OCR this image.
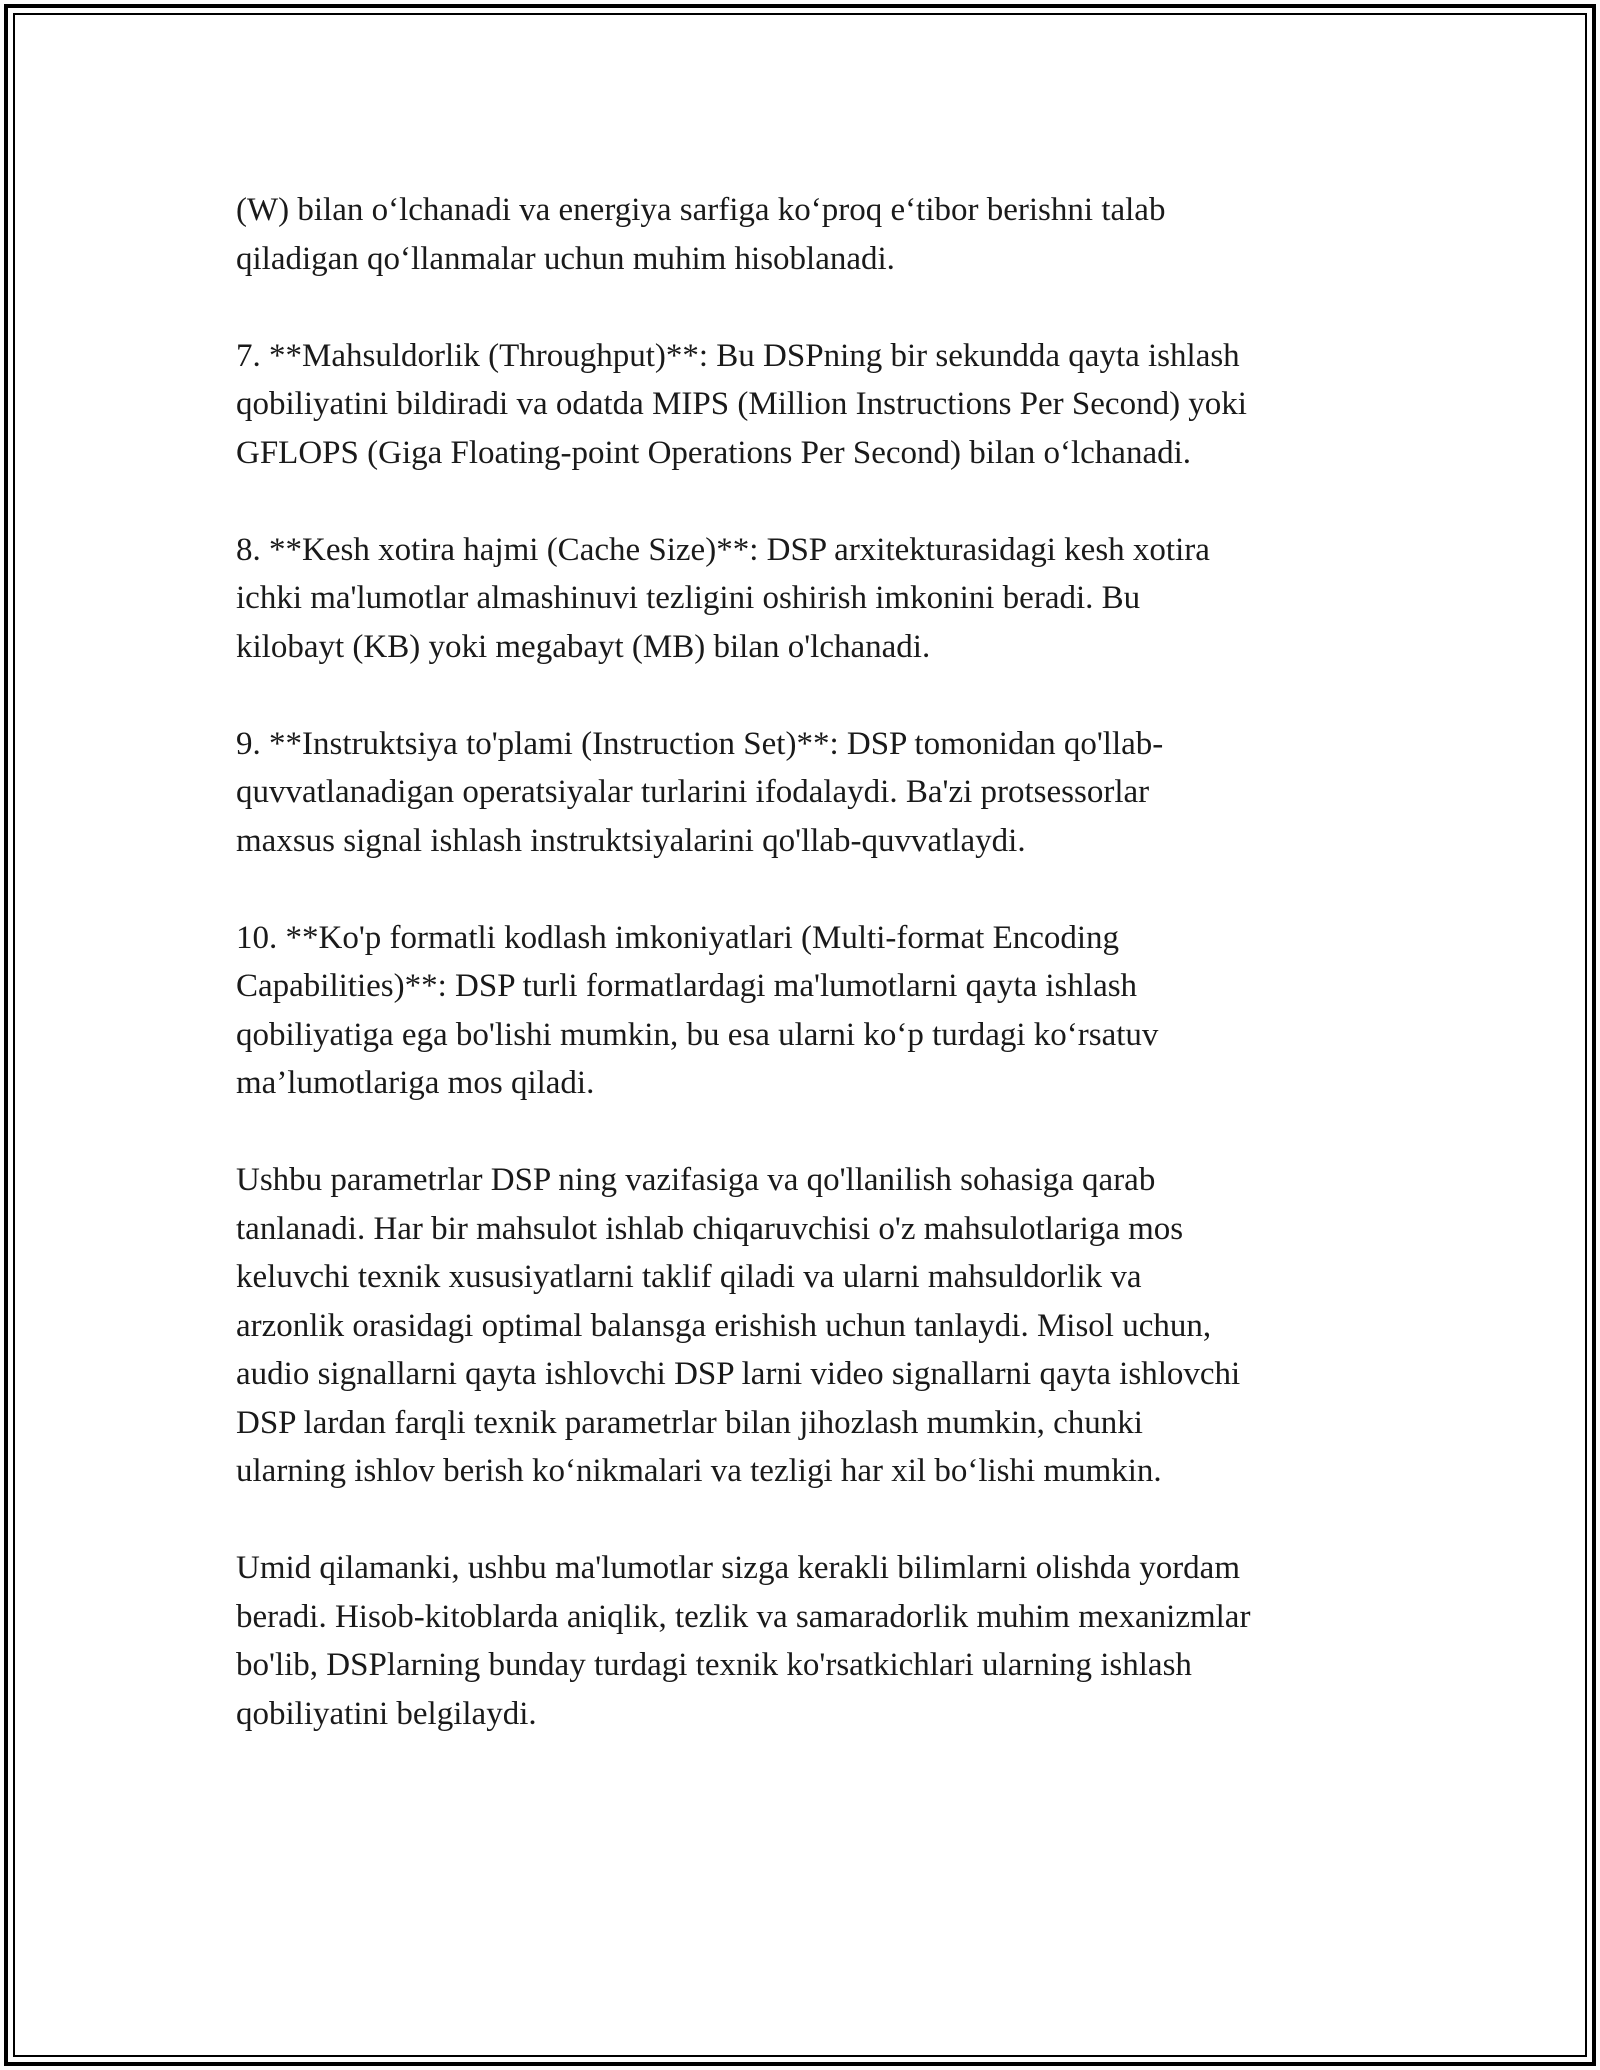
(W) bilan o‘lchanadi va energiya sarfiga ko‘proq e‘tibor berishni talab
qiladigan qo‘llanmalar uchun muhim hisoblanadi.

7. **Mahsuldorlik (Throughput)**: Bu DSPning bir sekundda qayta ishlash
qobiliyatini bildiradi va odatda MIPS (Million Instructions Per Second) yoki
GFLOPS (Giga Floating-point Operations Per Second) bilan o‘lchanadi.

8. **Kesh xotira hajmi (Cache Size)**: DSP arxitekturasidagi kesh xotira
ichki ma'lumotlar almashinuvi tezligini oshirish imkonini beradi. Bu
kilobayt (KB) yoki megabayt (MB) bilan o'lchanadi.

9. **Instruktsiya to'plami (Instruction Set)**: DSP tomonidan qo'llab-
quvvatlanadigan operatsiyalar turlarini ifodalaydi. Ba'zi protsessorlar
maxsus signal ishlash instruktsiyalarini qo'llab-quvvatlaydi.

10. **Ko'p formatli kodlash imkoniyatlari (Multi-format Encoding
Capabilities)**: DSP turli formatlardagi ma'lumotlarni qayta ishlash
qobiliyatiga ega bo'lishi mumkin, bu esa ularni ko‘p turdagi ko‘rsatuv
ma’lumotlariga mos qiladi.

Ushbu parametrlar DSP ning vazifasiga va qo'llanilish sohasiga qarab
tanlanadi. Har bir mahsulot ishlab chiqaruvchisi o'z mahsulotlariga mos
keluvchi texnik xususiyatlarni taklif qiladi va ularni mahsuldorlik va
arzonlik orasidagi optimal balansga erishish uchun tanlaydi. Misol uchun,
audio signallarni qayta ishlovchi DSP larni video signallarni qayta ishlovchi
DSP lardan farqli texnik parametrlar bilan jihozlash mumkin, chunki
ularning ishlov berish ko‘nikmalari va tezligi har xil bo‘lishi mumkin.

Umid qilamanki, ushbu ma'lumotlar sizga kerakli bilimlarni olishda yordam
beradi. Hisob-kitoblarda aniqlik, tezlik va samaradorlik muhim mexanizmlar
bo'lib, DSPlarning bunday turdagi texnik ko'rsatkichlari ularning ishlash
qobiliyatini belgilaydi.
